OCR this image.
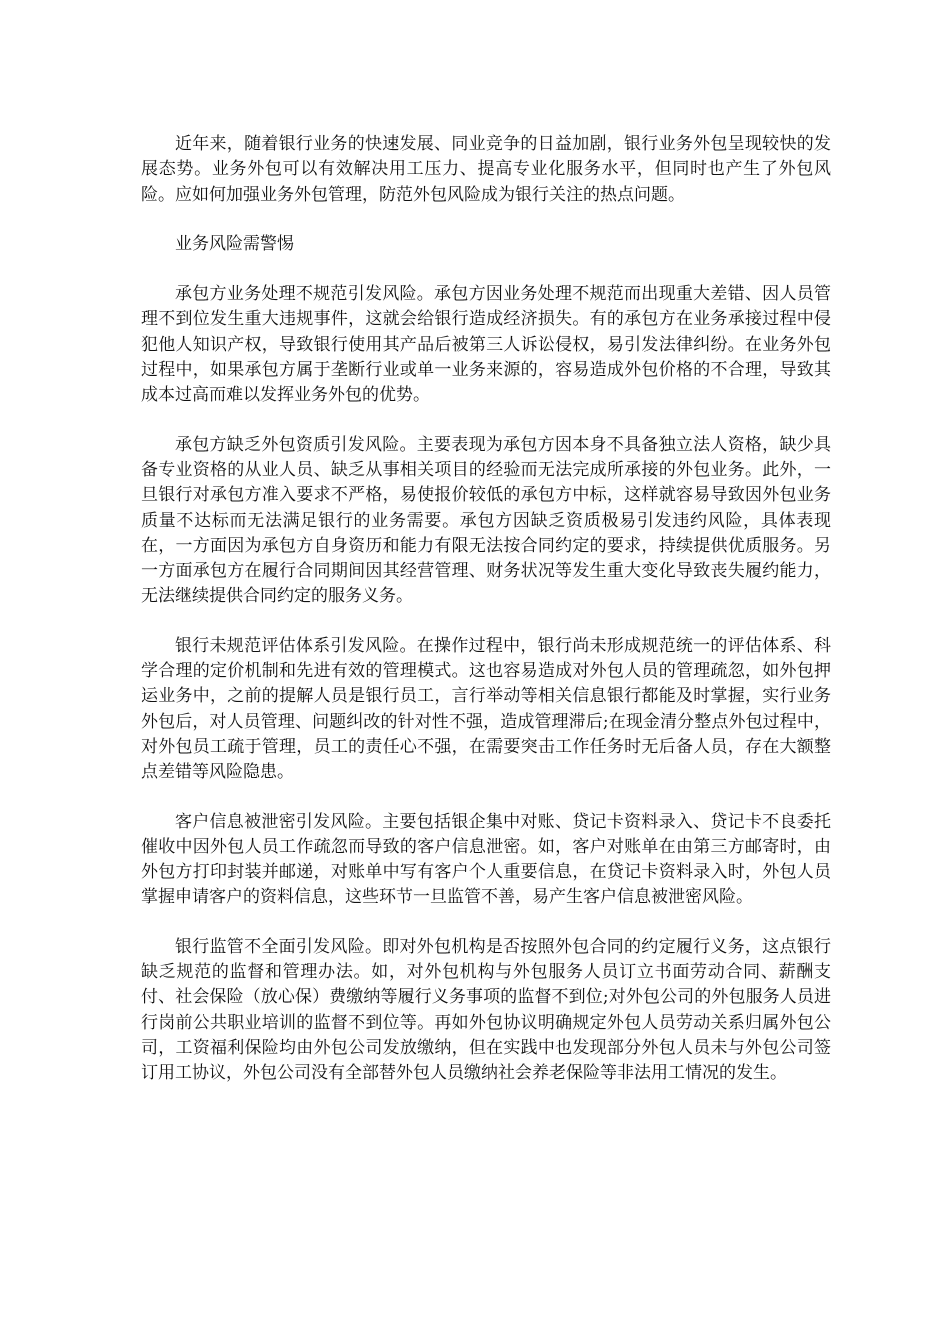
近年来，随着银行业务的快速发展、同业竞争的日益加剧，银行业务外包呈现较快的发展态势。业务外包可以有效解决用工压力、提高专业化服务水平，但同时也产生了外包风险。应如何加强业务外包管理，防范外包风险成为银行关注的热点问题。

业务风险需警惕

承包方业务处理不规范引发风险。承包方因业务处理不规范而出现重大差错、因人员管理不到位发生重大违规事件，这就会给银行造成经济损失。有的承包方在业务承接过程中侵犯他人知识产权，导致银行使用其产品后被第三人诉讼侵权，易引发法律纠纷。在业务外包过程中，如果承包方属于垄断行业或单一业务来源的，容易造成外包价格的不合理，导致其成本过高而难以发挥业务外包的优势。

承包方缺乏外包资质引发风险。主要表现为承包方因本身不具备独立法人资格，缺少具备专业资格的从业人员、缺乏从事相关项目的经验而无法完成所承接的外包业务。此外，一旦银行对承包方准入要求不严格，易使报价较低的承包方中标，这样就容易导致因外包业务质量不达标而无法满足银行的业务需要。承包方因缺乏资质极易引发违约风险，具体表现在，一方面因为承包方自身资历和能力有限无法按合同约定的要求，持续提供优质服务。另一方面承包方在履行合同期间因其经营管理、财务状况等发生重大变化导致丧失履约能力，无法继续提供合同约定的服务义务。

银行未规范评估体系引发风险。在操作过程中，银行尚未形成规范统一的评估体系、科学合理的定价机制和先进有效的管理模式。这也容易造成对外包人员的管理疏忽，如外包押运业务中，之前的提解人员是银行员工，言行举动等相关信息银行都能及时掌握，实行业务外包后，对人员管理、问题纠改的针对性不强，造成管理滞后;在现金清分整点外包过程中，对外包员工疏于管理，员工的责任心不强，在需要突击工作任务时无后备人员，存在大额整点差错等风险隐患。

客户信息被泄密引发风险。主要包括银企集中对账、贷记卡资料录入、贷记卡不良委托催收中因外包人员工作疏忽而导致的客户信息泄密。如，客户对账单在由第三方邮寄时，由外包方打印封装并邮递，对账单中写有客户个人重要信息，在贷记卡资料录入时，外包人员掌握申请客户的资料信息，这些环节一旦监管不善，易产生客户信息被泄密风险。

银行监管不全面引发风险。即对外包机构是否按照外包合同的约定履行义务，这点银行缺乏规范的监督和管理办法。如，对外包机构与外包服务人员订立书面劳动合同、薪酬支付、社会保险（放心保）费缴纳等履行义务事项的监督不到位;对外包公司的外包服务人员进行岗前公共职业培训的监督不到位等。再如外包协议明确规定外包人员劳动关系归属外包公司，工资福利保险均由外包公司发放缴纳，但在实践中也发现部分外包人员未与外包公司签订用工协议，外包公司没有全部替外包人员缴纳社会养老保险等非法用工情况的发生。
